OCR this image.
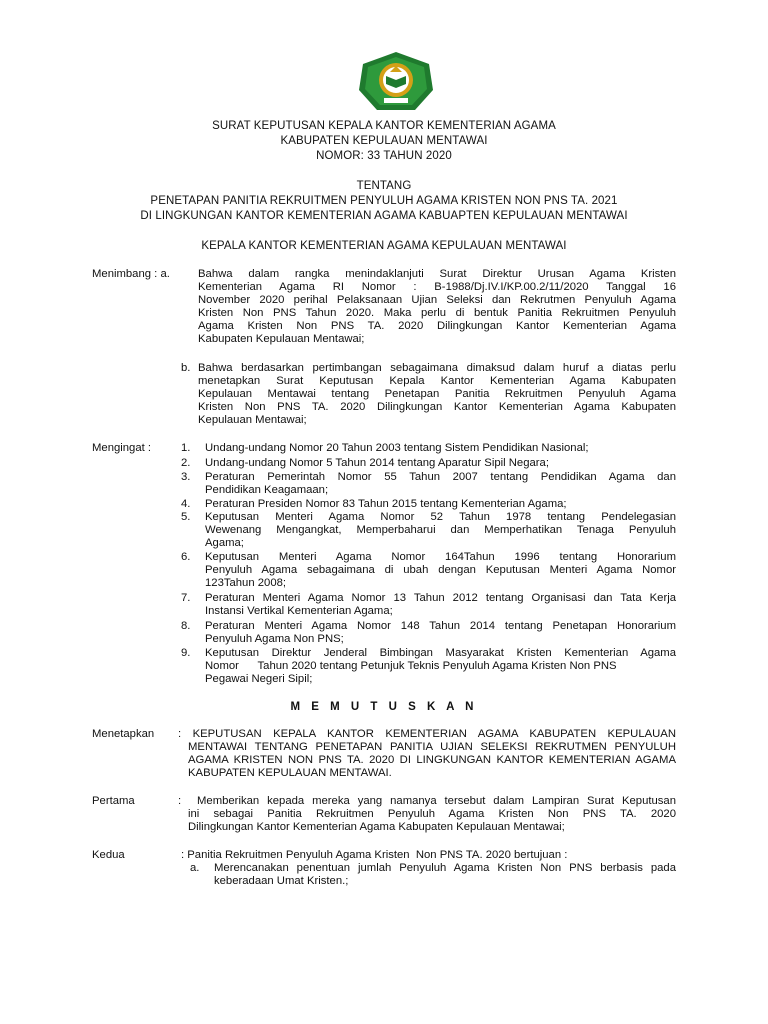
SURAT KEPUTUSAN KEPALA KANTOR KEMENTERIAN AGAMA
KABUPATEN KEPULAUAN MENTAWAI
NOMOR: 33 TAHUN 2020
TENTANG
PENETAPAN PANITIA REKRUITMEN PENYULUH AGAMA KRISTEN NON PNS TA. 2021
DI LINGKUNGAN KANTOR KEMENTERIAN AGAMA KABUAPTEN KEPULAUAN MENTAWAI
KEPALA KANTOR KEMENTERIAN AGAMA KEPULAUAN MENTAWAI
Menimbang : a. Bahwa dalam rangka menindaklanjuti Surat Direktur Urusan Agama Kristen
Kementerian Agama RI Nomor : B-1988/Dj.IV.I/KP.00.2/11/2020 Tanggal 16
November 2020 perihal Pelaksanaan Ujian Seleksi dan Rekrutmen Penyuluh Agama
Kristen Non PNS Tahun 2020. Maka perlu di bentuk Panitia Rekruitmen Penyuluh
Agama Kristen Non PNS TA. 2020 Dilingkungan Kantor Kementerian Agama
Kabupaten Kepulauan Mentawai;
b. Bahwa berdasarkan pertimbangan sebagaimana dimaksud dalam huruf a diatas perlu
menetapkan Surat Keputusan Kepala Kantor Kementerian Agama Kabupaten
Kepulauan Mentawai tentang Penetapan Panitia Rekruitmen Penyuluh Agama
Kristen Non PNS TA. 2020 Dilingkungan Kantor Kementerian Agama Kabupaten
Kepulauan Mentawai;
Mengingat :	1. Undang-undang Nomor 20 Tahun 2003 tentang Sistem Pendidikan Nasional;
2. Undang-undang Nomor 5 Tahun 2014 tentang Aparatur Sipil Negara;
3. Peraturan Pemerintah Nomor 55 Tahun 2007 tentang Pendidikan Agama dan
Pendidikan Keagamaan;
4. Peraturan Presiden Nomor 83 Tahun 2015 tentang Kementerian Agama;
5. Keputusan Menteri Agama Nomor 52 Tahun 1978 tentang Pendelegasian
Wewenang Mengangkat, Memperbaharui dan Memperhatikan Tenaga Penyuluh
Agama;
6. Keputusan Menteri Agama Nomor 164Tahun 1996 tentang Honorarium
Penyuluh Agama sebagaimana di ubah dengan Keputusan Menteri Agama Nomor
123Tahun 2008;
7. Peraturan Menteri Agama Nomor 13 Tahun 2012 tentang Organisasi dan Tata Kerja
Instansi Vertikal Kementerian Agama;
8. Peraturan Menteri Agama Nomor 148 Tahun 2014 tentang Penetapan Honorarium
Penyuluh Agama Non PNS;
9. Keputusan Direktur Jenderal Bimbingan Masyarakat Kristen Kementerian Agama
Nomor      Tahun 2020 tentang Petunjuk Teknis Penyuluh Agama Kristen Non PNS
Pegawai Negeri Sipil;
M E M U T U S K A N
Menetapkan : KEPUTUSAN KEPALA KANTOR KEMENTERIAN AGAMA KABUPATEN KEPULAUAN
MENTAWAI TENTANG PENETAPAN PANITIA UJIAN SELEKSI REKRUTMEN PENYULUH
AGAMA KRISTEN NON PNS TA. 2020 DI LINGKUNGAN KANTOR KEMENTERIAN AGAMA
KABUPATEN KEPULAUAN MENTAWAI.
Pertama	:  Memberikan kepada mereka yang namanya tersebut dalam Lampiran Surat Keputusan
ini sebagai Panitia Rekruitmen Penyuluh Agama Kristen Non PNS TA. 2020
Dilingkungan Kantor Kementerian Agama Kabupaten Kepulauan Mentawai;
Kedua	: Panitia Rekruitmen Penyuluh Agama Kristen  Non PNS TA. 2020 bertujuan :
a. Merencanakan penentuan jumlah Penyuluh Agama Kristen Non PNS berbasis pada
keberadaan Umat Kristen.;
